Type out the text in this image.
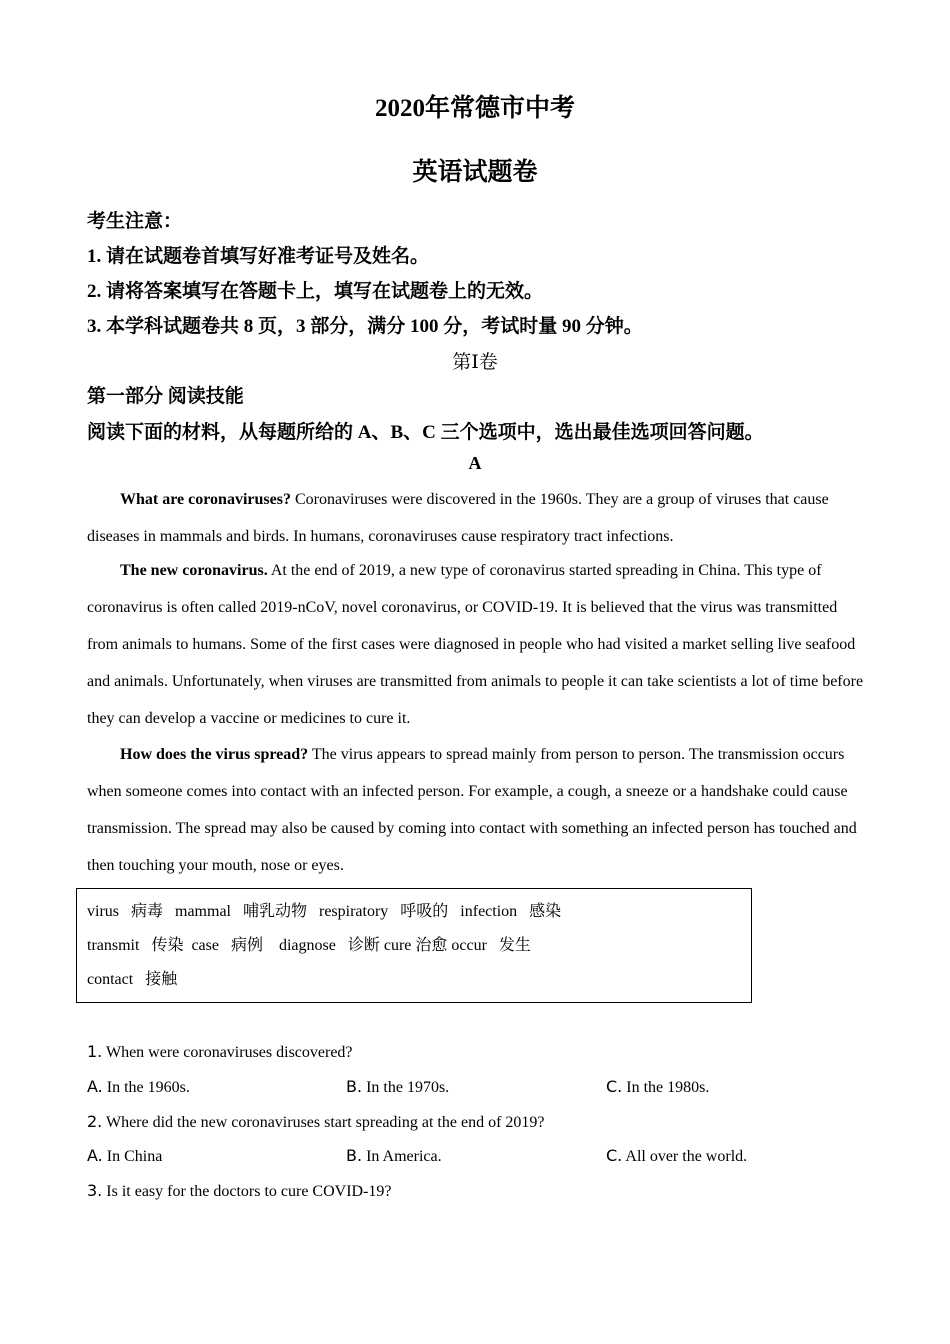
2020年常德市中考
英语试题卷
考生注意：
1. 请在试题卷首填写好准考证号及姓名。
2. 请将答案填写在答题卡上，填写在试题卷上的无效。
3. 本学科试题卷共 8 页，3 部分，满分 100 分，考试时量 90 分钟。
第Ⅰ卷
第一部分 阅读技能
阅读下面的材料，从每题所给的 A、B、C 三个选项中，选出最佳选项回答问题。
A
What are coronaviruses? Coronaviruses were discovered in the 1960s. They are a group of viruses that cause diseases in mammals and birds. In humans, coronaviruses cause respiratory tract infections.
The new coronavirus. At the end of 2019, a new type of coronavirus started spreading in China. This type of coronavirus is often called 2019-nCoV, novel coronavirus, or COVID-19. It is believed that the virus was transmitted from animals to humans. Some of the first cases were diagnosed in people who had visited a market selling live seafood and animals. Unfortunately, when viruses are transmitted from animals to people it can take scientists a lot of time before they can develop a vaccine or medicines to cure it.
How does the virus spread? The virus appears to spread mainly from person to person. The transmission occurs when someone comes into contact with an infected person. For example, a cough, a sneeze or a handshake could cause transmission. The spread may also be caused by coming into contact with something an infected person has touched and then touching your mouth, nose or eyes.
virus   病毒   mammal   哺乳动物   respiratory   呼吸的   infection   感染
transmit   传染  case   病例    diagnose   诊断 cure 治愈 occur   发生
contact   接触
1. When were coronaviruses discovered?
A. In the 1960s.	B. In the 1970s.	C. In the 1980s.
2. Where did the new coronaviruses start spreading at the end of 2019?
A. In China	B. In America.	C. All over the world.
3. Is it easy for the doctors to cure COVID-19?
